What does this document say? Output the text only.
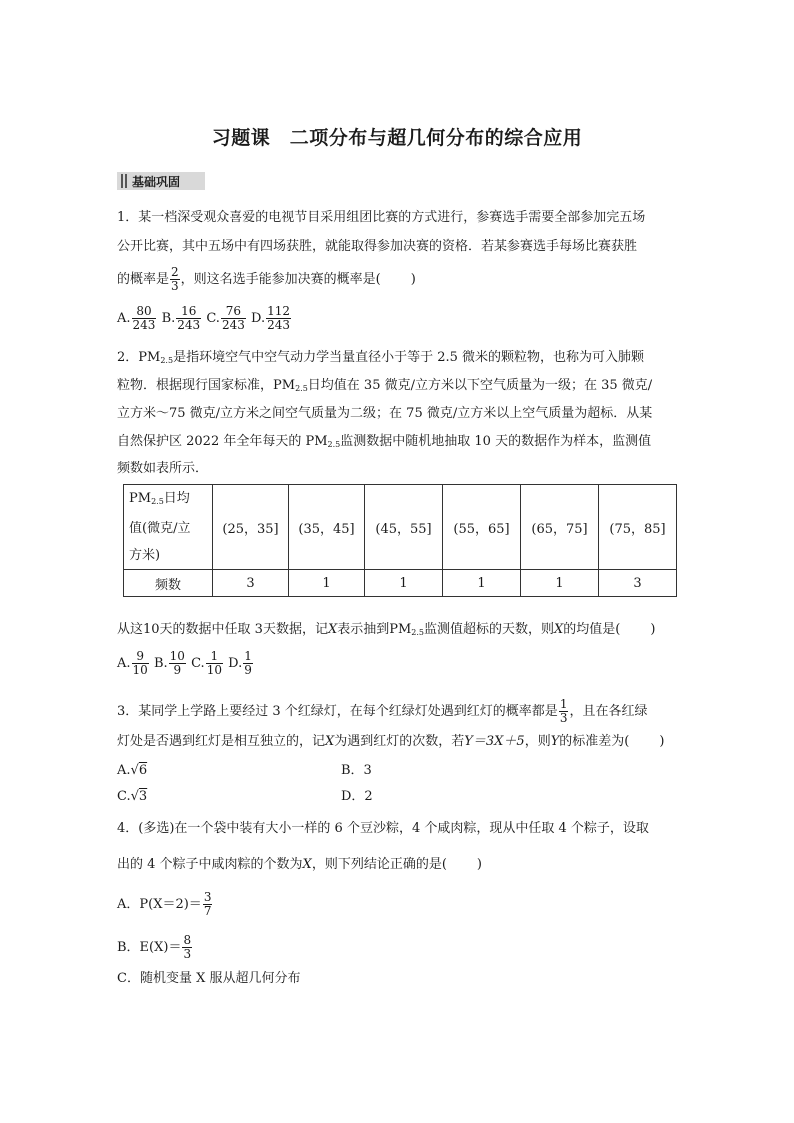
习题课　二项分布与超几何分布的综合应用
基础巩固
1．某一档深受观众喜爱的电视节目采用组团比赛的方式进行，参赛选手需要全部参加完五场
公开比赛，其中五场中有四场获胜，就能取得参加决赛的资格．若某参赛选手每场比赛获胜
的概率是 $\frac{2}{3}$ ，则这名选手能参加决赛的概率是( )
A. $\frac{80}{243} B$. $\frac{16}{243} C$. $\frac{76}{243} D$. $\frac{112}{243}$
2．$PM_{2.5}$是指环境空气中空气动力学当量直径小于等于 2.5 微米的颗粒物，也称为可入肺颗
粒物．根据现行国家标准，$PM_{2.5}$日均值在 35 微克/立方米以下空气质量为一级；在 35 微克/
立方米～75 微克/立方米之间空气质量为二级；在 75 微克/立方米以上空气质量为超标．从某
自然保护区 2022 年全年每天的 $PM_{2.5}$监测数据中随机地抽取 10 天的数据作为样本，监测值
频数如表所示．
$PM_{2.5}$日均
值(微克/立
方米)	(25，35]	(35，45]	(45，55]	(55，65]	(65，75]	(75，85]
频数	3	1	1	1	1	3
从这10天的数据中任取 3天数据，记X表示抽到$PM_{2.5}$监测值超标的天数，则X的均值是( )
A. $\frac{9}{10} B$. $\frac{10}{9} C$. $\frac{1}{10} D$. $\frac{1}{9}$
3．某同学上学路上要经过 3 个红绿灯，在每个红绿灯处遇到红灯的概率都是 $\frac{1}{3}$ ，且在各红绿
灯处是否遇到红灯是相互独立的，记X为遇到红灯的次数，若Y＝3X＋5，则Y的标准差为( )
A.√6	B．3
C.√3	D．2
4．(多选)在一个袋中装有大小一样的 6 个豆沙粽，4 个咸肉粽，现从中任取 4 个粽子，设取
出的 4 个粽子中咸肉粽的个数为X，则下列结论正确的是( )
A．$P(X=2)= \frac{3}{7}$
B．$E(X)= \frac{8}{3}$
C．随机变量 X 服从超几何分布
